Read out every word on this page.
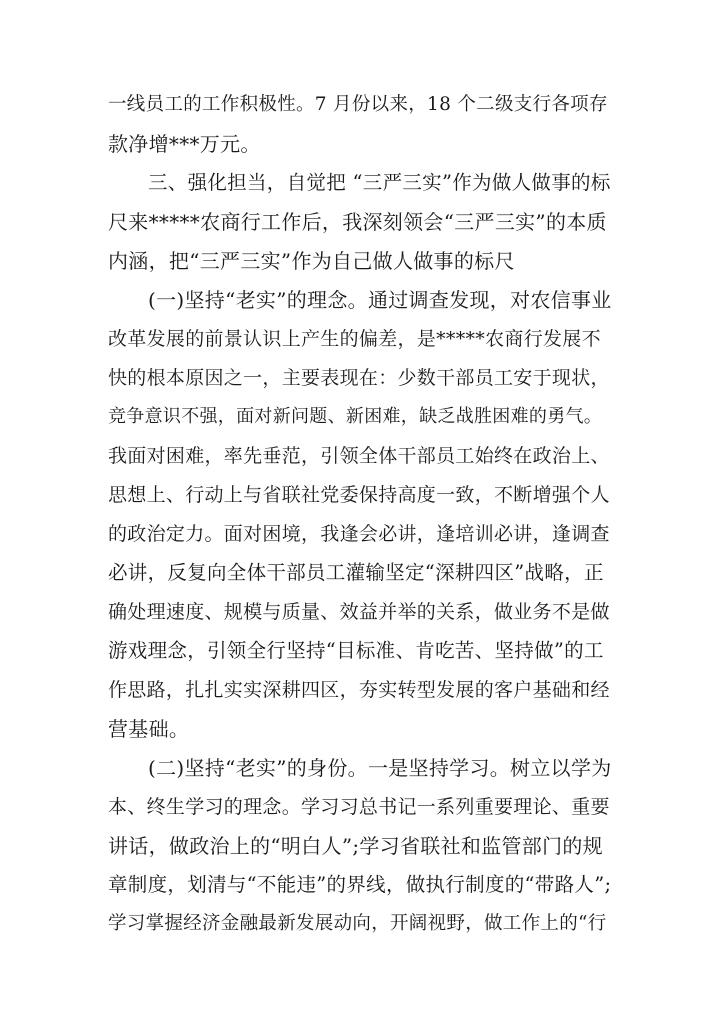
一线员工的工作积极性。7 月份以来，18 个二级支行各项存
款净增***万元。
三、强化担当，自觉把 “三严三实”作为做人做事的标
尺来*****农商行工作后，我深刻领会“三严三实”的本质
内涵，把“三严三实”作为自己做人做事的标尺
(一)坚持“老实”的理念。通过调查发现，对农信事业
改革发展的前景认识上产生的偏差，是*****农商行发展不
快的根本原因之一，主要表现在：少数干部员工安于现状，
竞争意识不强，面对新问题、新困难，缺乏战胜困难的勇气。
我面对困难，率先垂范，引领全体干部员工始终在政治上、
思想上、行动上与省联社党委保持高度一致，不断增强个人
的政治定力。面对困境，我逢会必讲，逢培训必讲，逢调查
必讲，反复向全体干部员工灌输坚定“深耕四区”战略，正
确处理速度、规模与质量、效益并举的关系，做业务不是做
游戏理念，引领全行坚持“目标准、肯吃苦、坚持做”的工
作思路，扎扎实实深耕四区，夯实转型发展的客户基础和经
营基础。
(二)坚持“老实”的身份。一是坚持学习。树立以学为
本、终生学习的理念。学习习总书记一系列重要理论、重要
讲话，做政治上的“明白人”;学习省联社和监管部门的规
章制度，划清与“不能违”的界线，做执行制度的“带路人”;
学习掌握经济金融最新发展动向，开阔视野，做工作上的“行
